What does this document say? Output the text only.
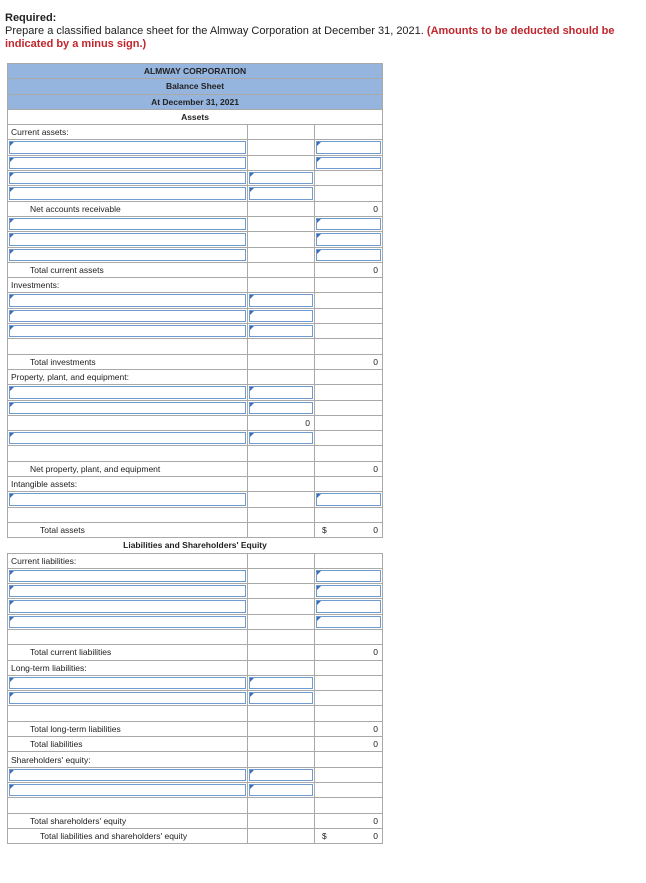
Required:
Prepare a classified balance sheet for the Almway Corporation at December 31, 2021. (Amounts to be deducted should be indicated by a minus sign.)
ALMWAY CORPORATION		
Balance Sheet		
At December 31, 2021		
Assets		
Current assets:		

Net accounts receivable		0

Total current assets		0
Investments:		

Total investments		0
Property, plant, and equipment:		

	0	

Net property, plant, and equipment		0
Intangible assets:		

Total assets		$ 0
Liabilities and Shareholders' Equity		
Current liabilities:		

Total current liabilities		0
Long-term liabilities:		

Total long-term liabilities		0
Total liabilities		0
Shareholders' equity:		

Total shareholders' equity		0
Total liabilities and shareholders' equity		$ 0
